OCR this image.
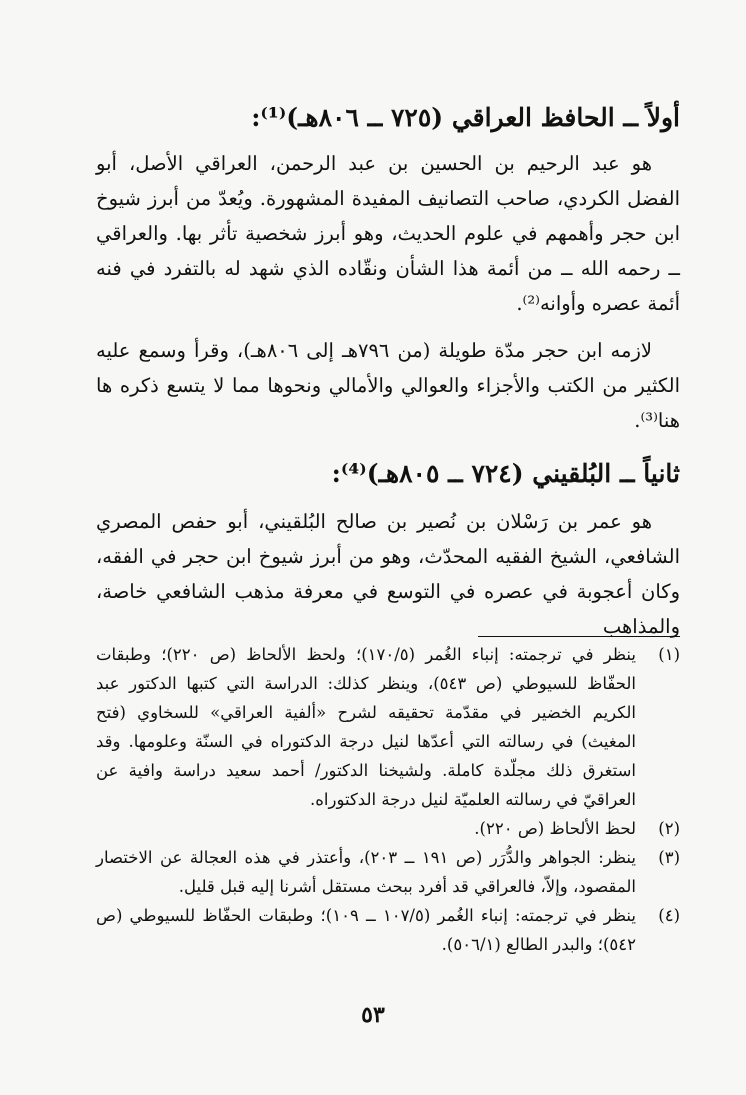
أولاً ــ الحافظ العراقي (٧٢٥ ــ ٨٠٦هـ)⁽¹⁾:

هو عبد الرحيم بن الحسين بن عبد الرحمن، العراقي الأصل، أبو الفضل الكردي، صاحب التصانيف المفيدة المشهورة. ويُعدّ من أبرز شيوخ ابن حجر وأهمهم في علوم الحديث، وهو أبرز شخصية تأثر بها. والعراقي ــ رحمه الله ــ من أئمة هذا الشأن ونقّاده الذي شهد له بالتفرد في فنه أئمة عصره وأوانه⁽²⁾.

لازمه ابن حجر مدّة طويلة (من ٧٩٦هـ إلى ٨٠٦هـ)، وقرأ وسمع عليه الكثير من الكتب والأجزاء والعوالي والأمالي ونحوها مما لا يتسع ذكره ها هنا⁽³⁾.

ثانياً ــ البُلقيني (٧٢٤ ــ ٨٠٥هـ)⁽⁴⁾:

هو عمر بن رَسْلان بن نُصير بن صالح البُلقيني، أبو حفص المصري الشافعي، الشيخ الفقيه المحدّث، وهو من أبرز شيوخ ابن حجر في الفقه، وكان أعجوبة في عصره في التوسع في معرفة مذهب الشافعي خاصة، والمذاهب

(١)
ينظر في ترجمته: إنباء الغُمر (١٧٠/٥)؛ ولحظ الألحاظ (ص ٢٢٠)؛ وطبقات الحفّاظ للسيوطي (ص ٥٤٣)، وينظر كذلك: الدراسة التي كتبها الدكتور عبد الكريم الخضير في مقدّمة تحقيقه لشرح «ألفية العراقي» للسخاوي (فتح المغيث) في رسالته التي أعدّها لنيل درجة الدكتوراه في السنّة وعلومها. وقد استغرق ذلك مجلّدة كاملة. ولشيخنا الدكتور/ أحمد سعيد دراسة وافية عن العراقيّ في رسالته العلميّة لنيل درجة الدكتوراه.
(٢)
لحظ الألحاظ (ص ٢٢٠).
(٣)
ينظر: الجواهر والدُّرَر (ص ١٩١ ــ ٢٠٣)، وأعتذر في هذه العجالة عن الاختصار المقصود، وإلاّ، فالعراقي قد أفرد ببحث مستقل أشرنا إليه قبل قليل.
(٤)
ينظر في ترجمته: إنباء الغُمر (١٠٧/٥ ــ ١٠٩)؛ وطبقات الحفّاظ للسيوطي (ص ٥٤٢)؛ والبدر الطالع (٥٠٦/١).
٥٣
